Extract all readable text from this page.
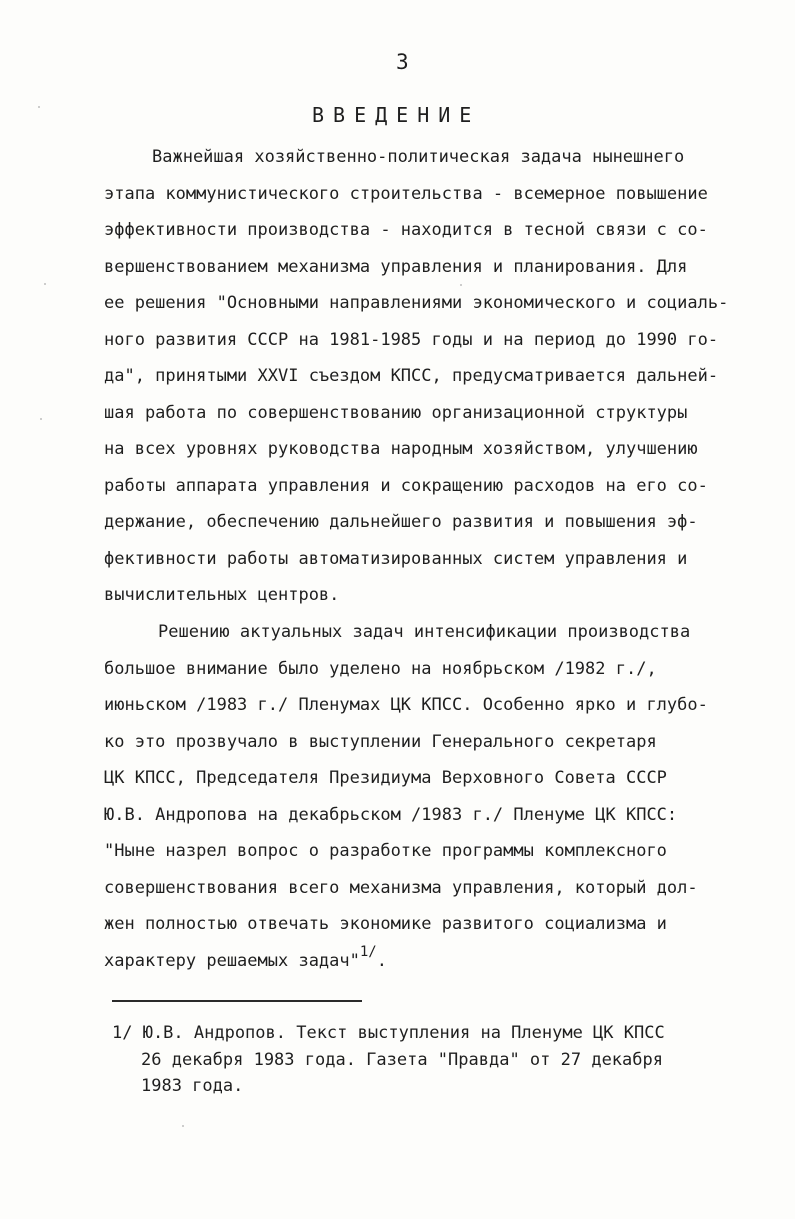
3
ВВЕДЕНИЕ
Важнейшая хозяйственно-политическая задача нынешнего
этапа коммунистического строительства - всемерное повышение
эффективности производства - находится в тесной связи с со-
вершенствованием механизма управления и планирования. Для
ее решения "Основными направлениями экономического и социаль-
ного развития СССР на 1981-1985 годы и на период до 1990 го-
да", принятыми XXVI съездом КПСС, предусматривается дальней-
шая работа по совершенствованию организационной структуры
на всех уровнях руководства народным хозяйством, улучшению
работы аппарата управления и сокращению расходов на его со-
держание, обеспечению дальнейшего развития и повышения эф-
фективности работы автоматизированных систем управления и
вычислительных центров.
Решению актуальных задач интенсификации производства
большое внимание было уделено на ноябрьском /1982 г./,
июньском /1983 г./ Пленумах ЦК КПСС. Особенно ярко и глубо-
ко это прозвучало в выступлении Генерального секретаря
ЦК КПСС, Председателя Президиума Верховного Совета СССР
Ю.В. Андропова на декабрьском /1983 г./ Пленуме ЦК КПСС:
"Ныне назрел вопрос о разработке программы комплексного
совершенствования всего механизма управления, который дол-
жен полностью отвечать экономике развитого социализма и
характеру решаемых задач"$^{1/}$.
1/ Ю.В. Андропов. Текст выступления на Пленуме ЦК КПСС
26 декабря 1983 года. Газета "Правда" от 27 декабря
1983 года.
